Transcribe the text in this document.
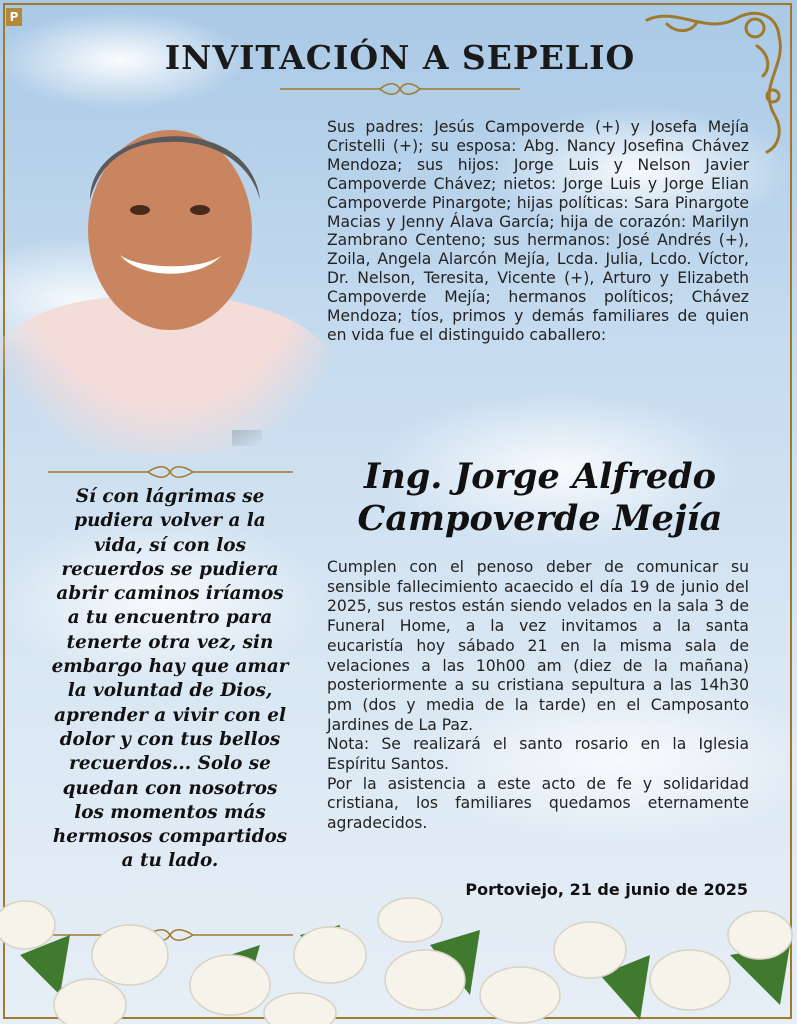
P
INVITACIÓN A SEPELIO

Sus padres: Jesús Campoverde (+) y Josefa Mejía Cristelli (+); su esposa: Abg. Nancy Josefina Chávez Mendoza; sus hijos: Jorge Luis y Nelson Javier Campoverde Chávez; nietos: Jorge Luis y Jorge Elian Campoverde Pinargote; hijas políticas: Sara Pinargote Macias y Jenny Álava García; hija de corazón: Marilyn Zambrano Centeno; sus hermanos: José Andrés (+), Zoila, Angela Alarcón Mejía, Lcda. Julia, Lcdo. Víctor, Dr. Nelson, Teresita, Vicente (+), Arturo y Elizabeth Campoverde Mejía; hermanos políticos; Chávez Mendoza; tíos, primos y demás familiares de quien en vida fue el distinguido caballero:

Ing. Jorge Alfredo
Campoverde Mejía

Cumplen con el penoso deber de comunicar su sensible fallecimiento acaecido el día 19 de junio del 2025, sus restos están siendo velados en la sala 3 de Funeral Home, a la vez invitamos a la santa eucaristía hoy sábado 21 en la misma sala de velaciones a las 10h00 am (diez de la mañana) posteriormente a su cristiana sepultura a las 14h30 pm (dos y media de la tarde) en el Camposanto Jardines de La Paz.

Nota: Se realizará el santo rosario en la Iglesia Espíritu Santos.

Por la asistencia a este acto de fe y solidaridad cristiana, los familiares quedamos eternamente agradecidos.

Sí con lágrimas se pudiera volver a la vida, sí con los recuerdos se pudiera abrir caminos iríamos a tu encuentro para tenerte otra vez, sin embargo hay que amar la voluntad de Dios, aprender a vivir con el dolor y con tus bellos recuerdos... Solo se quedan con nosotros los momentos más hermosos compartidos a tu lado.

Portoviejo, 21 de junio de 2025
